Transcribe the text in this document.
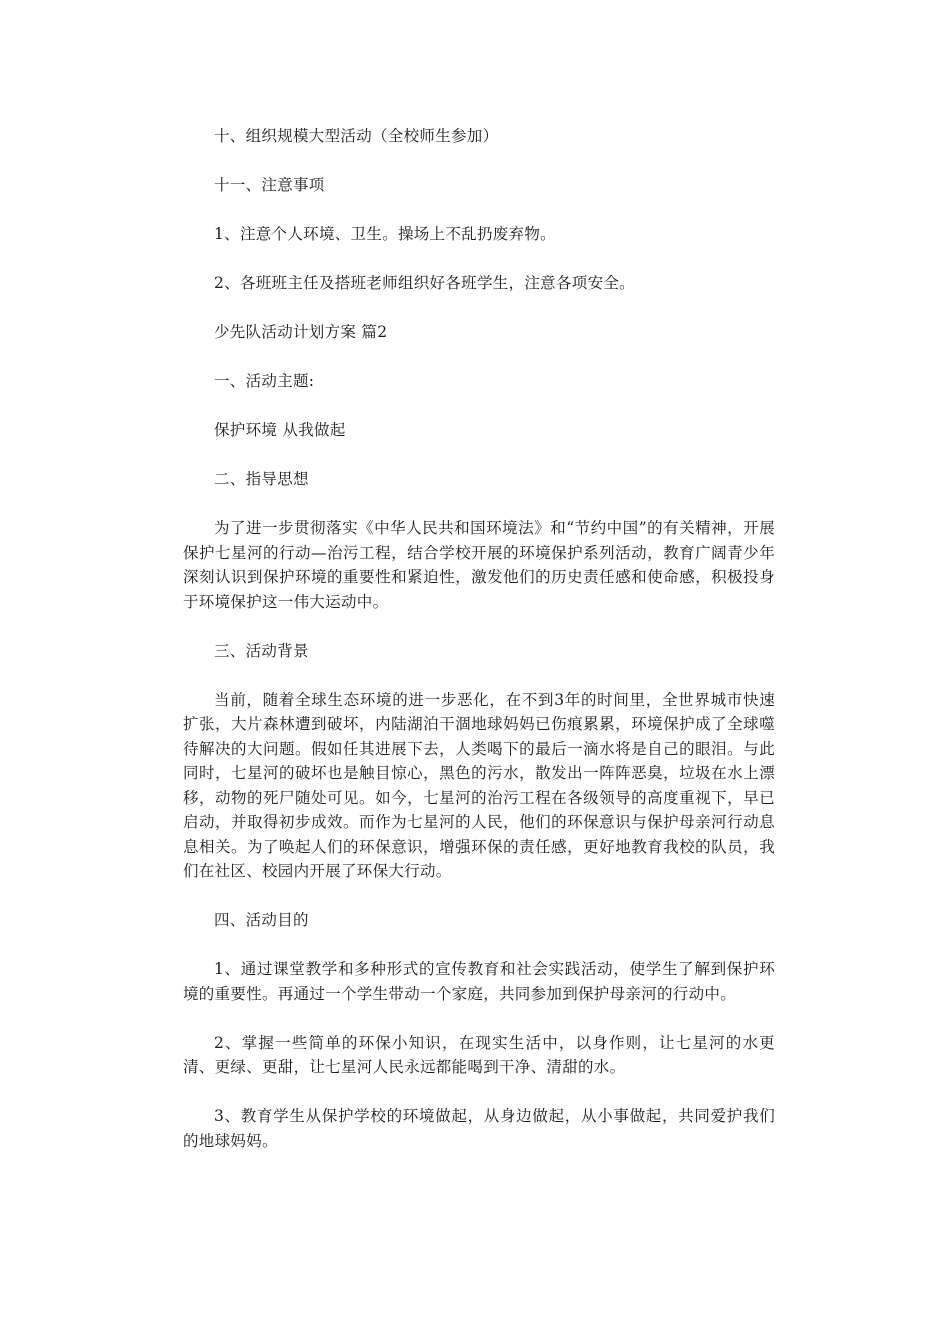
十、组织规模大型活动（全校师生参加）

十一、注意事项

1、注意个人环境、卫生。操场上不乱扔废弃物。

2、各班班主任及搭班老师组织好各班学生，注意各项安全。

少先队活动计划方案 篇2

一、活动主题:

保护环境 从我做起

二、指导思想

为了进一步贯彻落实《中华人民共和国环境法》和“节约中国”的有关精神，开展保护七星河的行动—治污工程，结合学校开展的环境保护系列活动，教育广阔青少年深刻认识到保护环境的重要性和紧迫性，激发他们的历史责任感和使命感，积极投身于环境保护这一伟大运动中。

三、活动背景

当前，随着全球生态环境的进一步恶化，在不到3年的时间里，全世界城市快速扩张，大片森林遭到破坏，内陆湖泊干涸地球妈妈已伤痕累累，环境保护成了全球噬待解决的大问题。假如任其进展下去，人类喝下的最后一滴水将是自己的眼泪。与此同时，七星河的破坏也是触目惊心，黑色的污水，散发出一阵阵恶臭，垃圾在水上漂移，动物的死尸随处可见。如今，七星河的治污工程在各级领导的高度重视下，早已启动，并取得初步成效。而作为七星河的人民，他们的环保意识与保护母亲河行动息息相关。为了唤起人们的环保意识，增强环保的责任感，更好地教育我校的队员，我们在社区、校园内开展了环保大行动。

四、活动目的

1、通过课堂教学和多种形式的宣传教育和社会实践活动，使学生了解到保护环境的重要性。再通过一个学生带动一个家庭，共同参加到保护母亲河的行动中。

2、掌握一些简单的环保小知识，在现实生活中，以身作则，让七星河的水更清、更绿、更甜，让七星河人民永远都能喝到干净、清甜的水。

3、教育学生从保护学校的环境做起，从身边做起，从小事做起，共同爱护我们的地球妈妈。
